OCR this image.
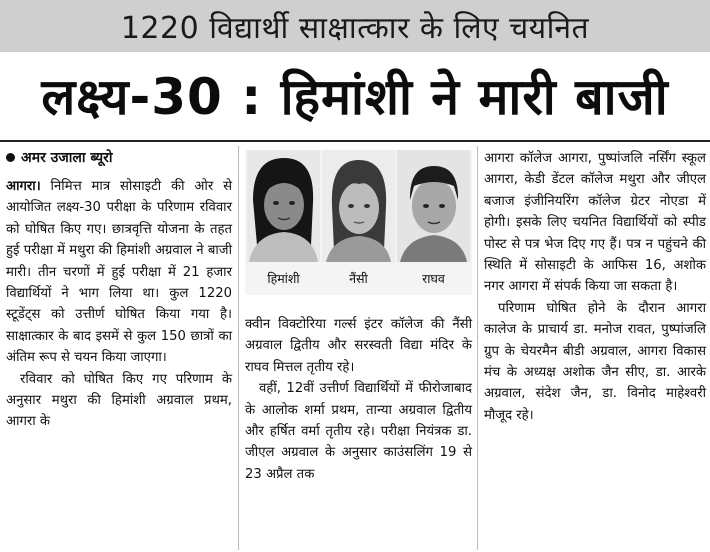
1220 विद्यार्थी साक्षात्कार के लिए चयनित
लक्ष्य-30 : हिमांशी ने मारी बाजी
अमर उजाला ब्यूरो

आगरा। निमित्त मात्र सोसाइटी की ओर से आयोजित लक्ष्य-30 परीक्षा के परिणाम रविवार को घोषित किए गए। छात्रवृत्ति योजना के तहत हुई परीक्षा में मथुरा की हिमांशी अग्रवाल ने बाजी मारी। तीन चरणों में हुई परीक्षा में 21 हजार विद्यार्थियों ने भाग लिया था। कुल 1220 स्टूडेंट्स को उत्तीर्ण घोषित किया गया है। साक्षात्कार के बाद इसमें से कुल 150 छात्रों का अंतिम रूप से चयन किया जाएगा।

रविवार को घोषित किए गए परिणाम के अनुसार मथुरा की हिमांशी अग्रवाल प्रथम, आगरा के

हिमांशी	नैंसी	राघव

क्वीन विक्टोरिया गर्ल्स इंटर कॉलेज की नैंसी अग्रवाल द्वितीय और सरस्वती विद्या मंदिर के राघव मित्तल तृतीय रहे।

वहीं, 12वीं उत्तीर्ण विद्यार्थियों में फीरोजाबाद के आलोक शर्मा प्रथम, तान्या अग्रवाल द्वितीय और हर्षित वर्मा तृतीय रहे। परीक्षा नियंत्रक डा. जीएल अग्रवाल के अनुसार काउंसलिंग 19 से 23 अप्रैल तक

आगरा कॉलेज आगरा, पुष्पांजलि नर्सिंग स्कूल आगरा, केडी डेंटल कॉलेज मथुरा और जीएल बजाज इंजीनियरिंग कॉलेज ग्रेटर नोएडा में होगी। इसके लिए चयनित विद्यार्थियों को स्पीड पोस्ट से पत्र भेज दिए गए हैं। पत्र न पहुंचने की स्थिति में सोसाइटी के आफिस 16, अशोक नगर आगरा में संपर्क किया जा सकता है।

परिणाम घोषित होने के दौरान आगरा कालेज के प्राचार्य डा. मनोज रावत, पुष्पांजलि ग्रुप के चेयरमैन बीडी अग्रवाल, आगरा विकास मंच के अध्यक्ष अशोक जैन सीए, डा. आरके अग्रवाल, संदेश जैन, डा. विनोद माहेश्वरी मौजूद रहे।
